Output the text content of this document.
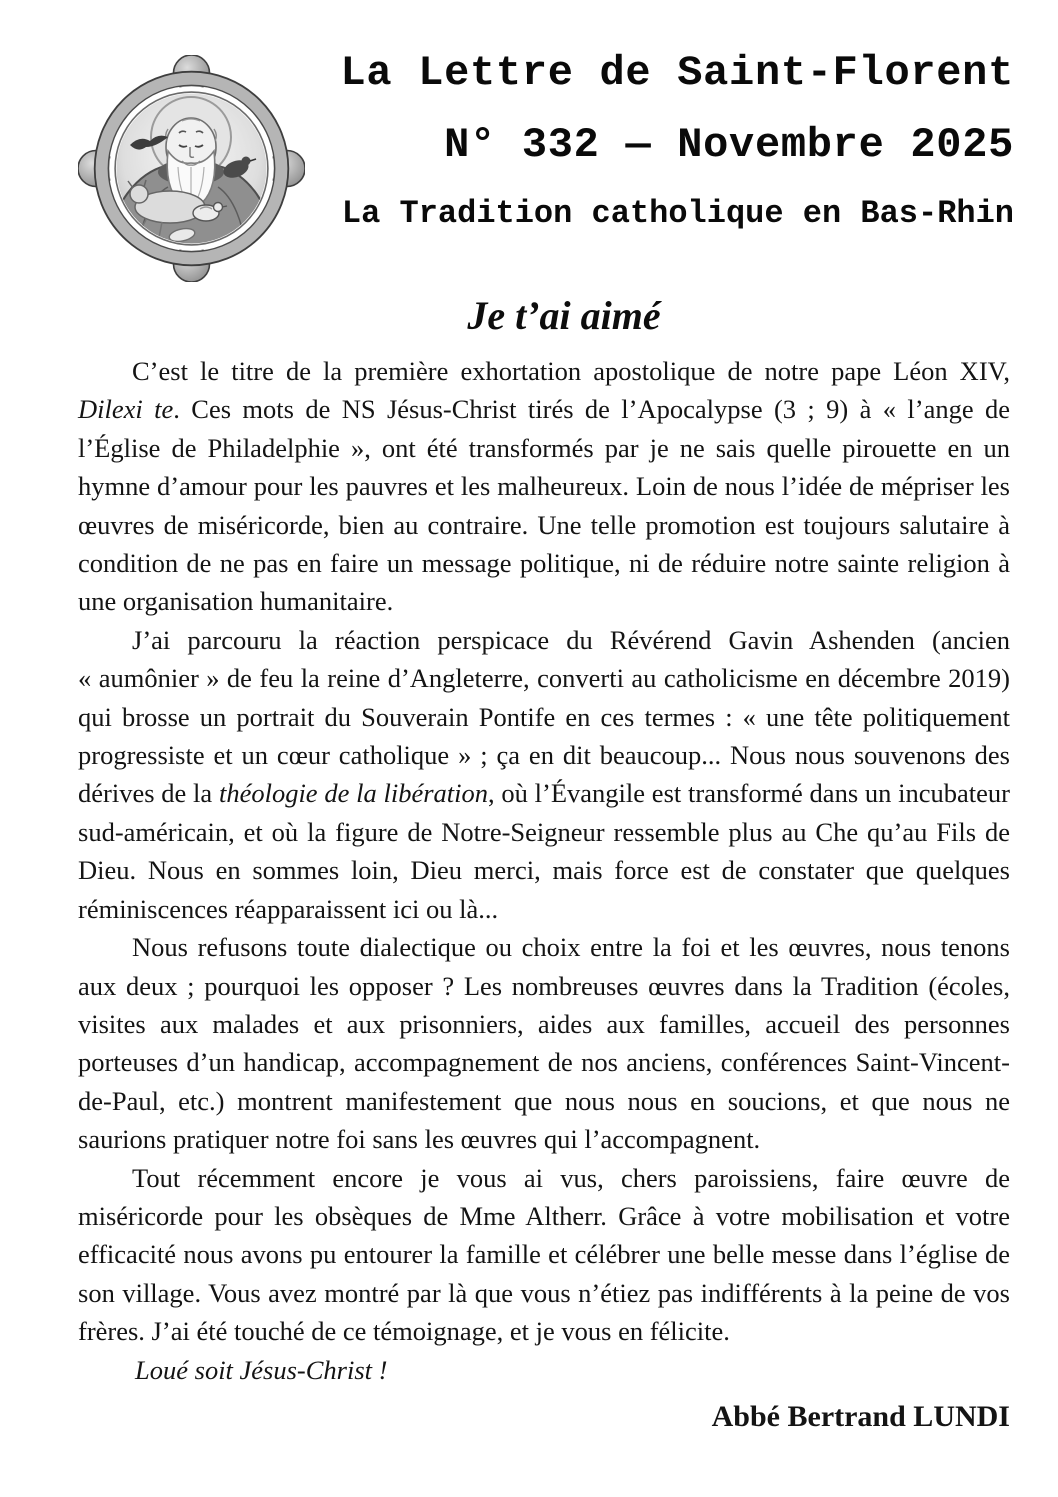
La Lettre de Saint-Florent
N° 332 — Novembre 2025
La Tradition catholique en Bas-Rhin
Je t’ai aimé

C’est le titre de la première exhortation apostolique de notre pape Léon XIV, Dilexi te. Ces mots de NS Jésus-Christ tirés de l’Apocalypse (3 ; 9) à « l’ange de l’Église de Philadelphie », ont été transformés par je ne sais quelle pirouette en un hymne d’amour pour les pauvres et les malheureux. Loin de nous l’idée de mépriser les œuvres de miséricorde, bien au contraire. Une telle promotion est toujours salutaire à condition de ne pas en faire un message politique, ni de réduire notre sainte religion à une organisation humanitaire.

J’ai parcouru la réaction perspicace du Révérend Gavin Ashenden (ancien « aumônier » de feu la reine d’Angleterre, converti au catholicisme en décembre 2019) qui brosse un portrait du Souverain Pontife en ces termes : « une tête politiquement progressiste et un cœur catholique » ; ça en dit beaucoup... Nous nous souvenons des dérives de la théologie de la libération, où l’Évangile est transformé dans un incubateur sud-américain, et où la figure de Notre-Seigneur ressemble plus au Che qu’au Fils de Dieu. Nous en sommes loin, Dieu merci, mais force est de constater que quelques réminiscences réapparaissent ici ou là...

Nous refusons toute dialectique ou choix entre la foi et les œuvres, nous tenons aux deux ; pourquoi les opposer ? Les nombreuses œuvres dans la Tradition (écoles, visites aux malades et aux prisonniers, aides aux familles, accueil des personnes porteuses d’un handicap, accompagnement de nos anciens, conférences Saint-Vincent-de-Paul, etc.) montrent manifestement que nous nous en soucions, et que nous ne saurions pratiquer notre foi sans les œuvres qui l’accompagnent.

Tout récemment encore je vous ai vus, chers paroissiens, faire œuvre de miséricorde pour les obsèques de Mme Altherr. Grâce à votre mobilisation et votre efficacité nous avons pu entourer la famille et célébrer une belle messe dans l’église de son village. Vous avez montré par là que vous n’étiez pas indifférents à la peine de vos frères. J’ai été touché de ce témoignage, et je vous en félicite.

Loué soit Jésus-Christ !

Abbé Bertrand LUNDI
